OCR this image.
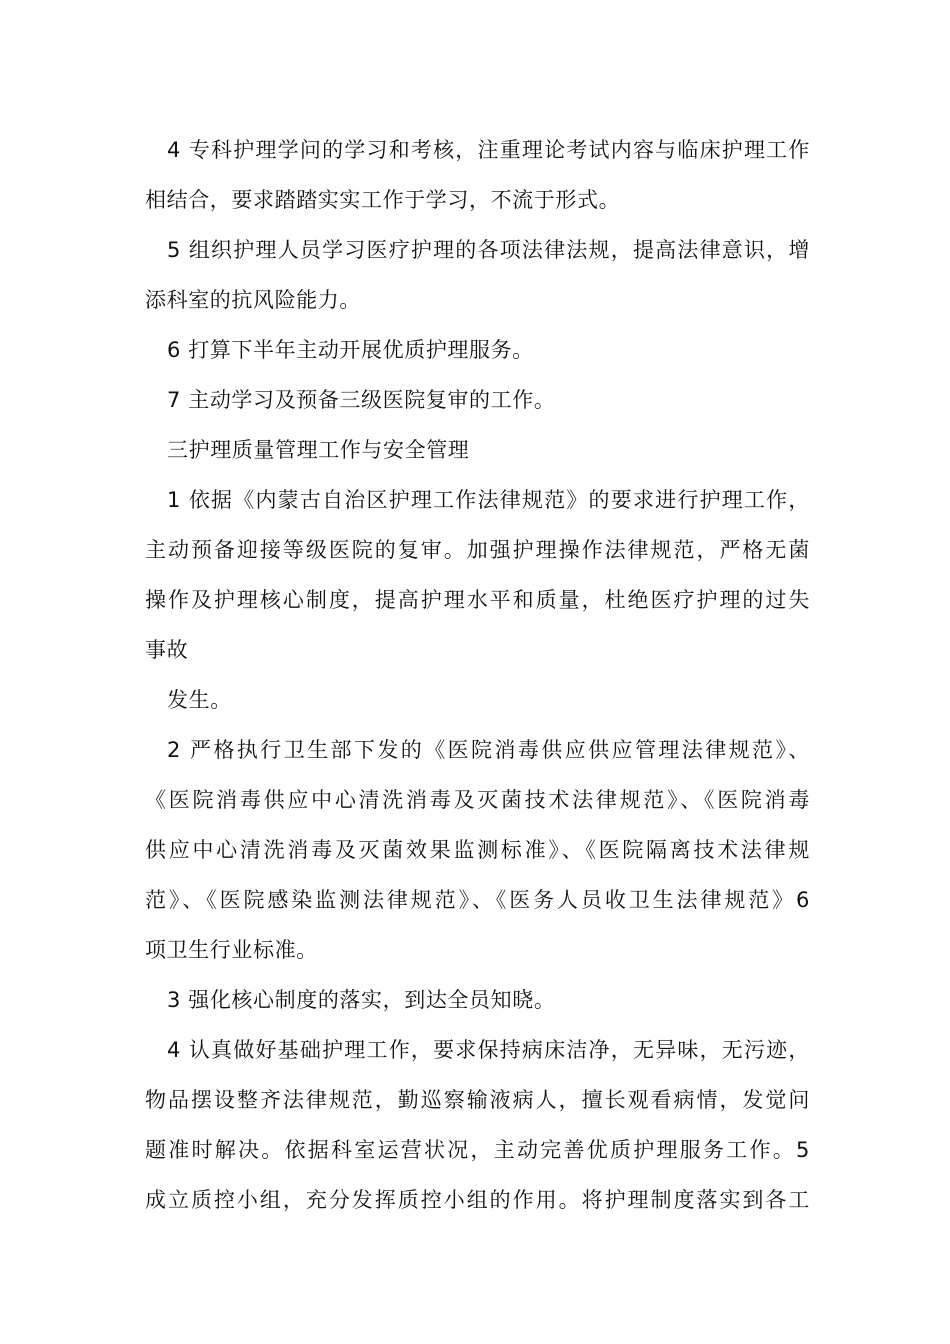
4 专科护理学问的学习和考核，注重理论考试内容与临床护理工作
相结合，要求踏踏实实工作于学习，不流于形式。
5 组织护理人员学习医疗护理的各项法律法规，提高法律意识，增
添科室的抗风险能力。
6 打算下半年主动开展优质护理服务。
7 主动学习及预备三级医院复审的工作。
三护理质量管理工作与安全管理
1 依据《内蒙古自治区护理工作法律规范》的要求进行护理工作，
主动预备迎接等级医院的复审。加强护理操作法律规范，严格无菌
操作及护理核心制度，提高护理水平和质量，杜绝医疗护理的过失
事故
发生。
2 严格执行卫生部下发的《医院消毒供应供应管理法律规范》、
《医院消毒供应中心清洗消毒及灭菌技术法律规范》、《医院消毒
供应中心清洗消毒及灭菌效果监测标准》、《医院隔离技术法律规
范》、《医院感染监测法律规范》、《医务人员收卫生法律规范》6
项卫生行业标准。
3 强化核心制度的落实，到达全员知晓。
4 认真做好基础护理工作，要求保持病床洁净，无异味，无污迹，
物品摆设整齐法律规范，勤巡察输液病人，擅长观看病情，发觉问
题准时解决。依据科室运营状况，主动完善优质护理服务工作。5
成立质控小组，充分发挥质控小组的作用。将护理制度落实到各工
